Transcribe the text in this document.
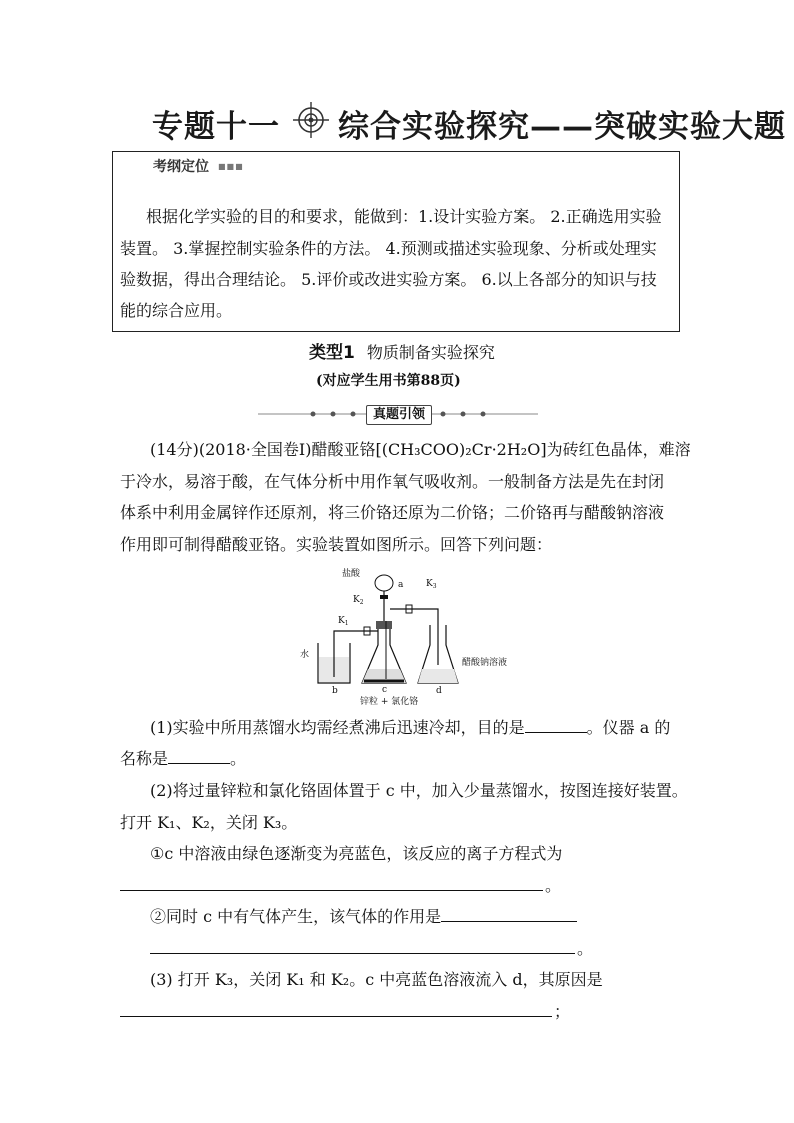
专题十一 综合实验探究——突破实验大题
考纲定位 ■■■
根据化学实验的目的和要求，能做到：1.设计实验方案。 2.正确选用实验
装置。 3.掌握控制实验条件的方法。 4.预测或描述实验现象、分析或处理实
验数据，得出合理结论。 5.评价或改进实验方案。 6.以上各部分的知识与技
能的综合应用。
类型1 物质制备实验探究
(对应学生用书第88页)
真题引领
(14分)(2018·全国卷Ⅰ)醋酸亚铬[(CH₃COO)₂Cr·2H₂O]为砖红色晶体，难溶
于冷水，易溶于酸，在气体分析中用作氧气吸收剂。一般制备方法是先在封闭
体系中利用金属锌作还原剂，将三价铬还原为二价铬；二价铬再与醋酸钠溶液
作用即可制得醋酸亚铬。实验装置如图所示。回答下列问题：
盐酸
a	$K_3$
$K_2$
$K_1$
水
b	c	d
锌粒 + 氯化铬
醋酸钠溶液
(1)实验中所用蒸馏水均需经煮沸后迅速冷却，目的是	。仪器 a 的
名称是	。
(2)将过量锌粒和氯化铬固体置于 c 中，加入少量蒸馏水，按图连接好装置。
打开 K₁、K₂，关闭 K₃。
①c 中溶液由绿色逐渐变为亮蓝色，该反应的离子方程式为
。
②同时 c 中有气体产生，该气体的作用是
。
(3) 打开 K₃，关闭 K₁ 和 K₂。c 中亮蓝色溶液流入 d，其原因是
；
